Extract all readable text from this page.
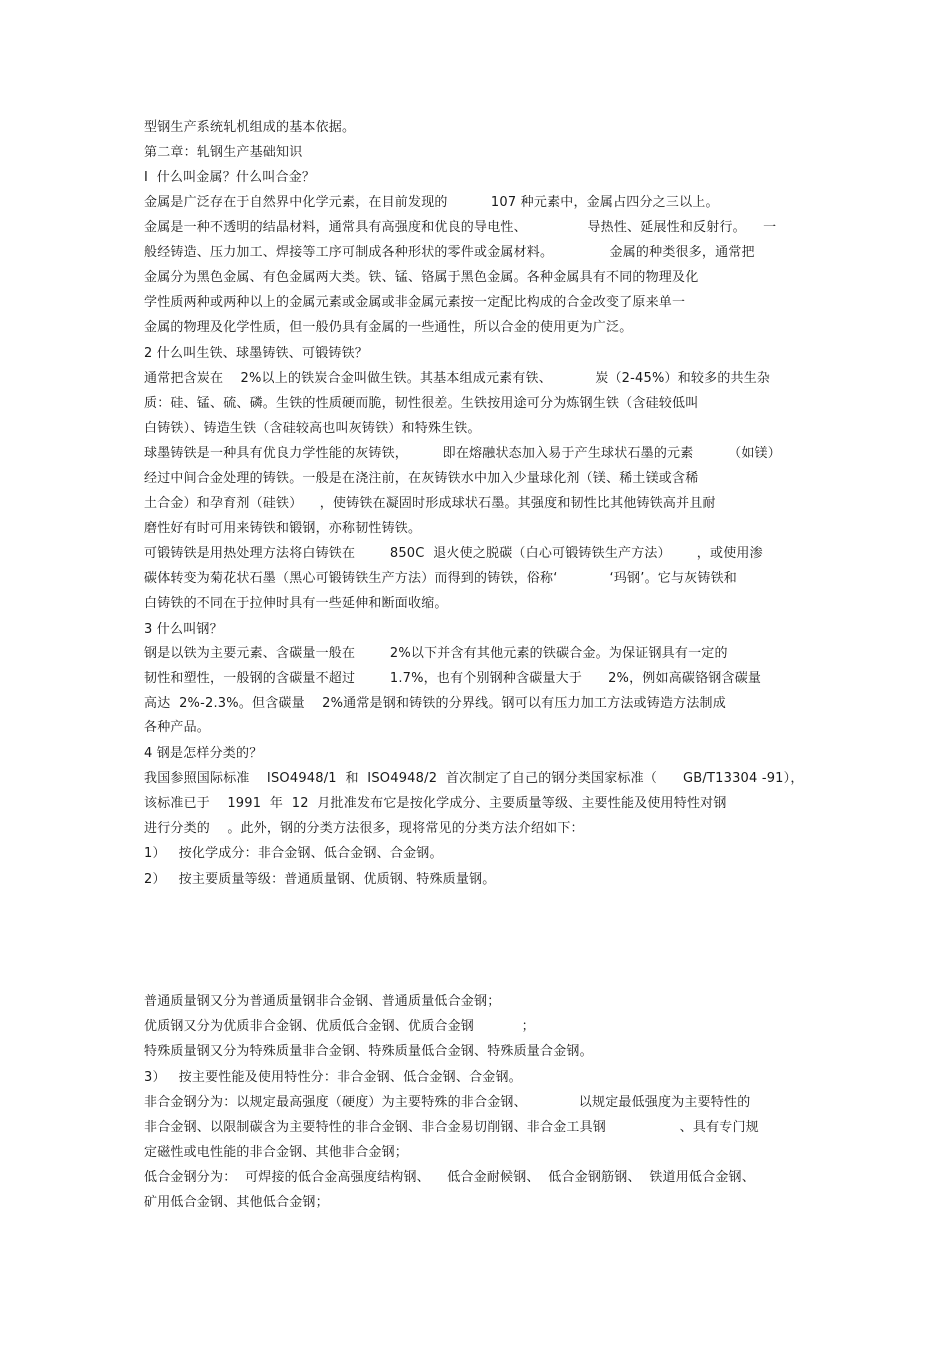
型钢生产系统轧机组成的基本依据。
第二章：轧钢生产基础知识
I  什么叫金属？什么叫合金？
金属是广泛存在于自然界中化学元素，在目前发现的          107 种元素中，金属占四分之三以上。
金属是一种不透明的结晶材料，通常具有高强度和优良的导电性、              导热性、延展性和反射行。    一
般经铸造、压力加工、焊接等工序可制成各种形状的零件或金属材料。             金属的种类很多，通常把
金属分为黑色金属、有色金属两大类。铁、锰、铬属于黑色金属。各种金属具有不同的物理及化
学性质两种或两种以上的金属元素或金属或非金属元素按一定配比构成的合金改变了原来单一
金属的物理及化学性质，但一般仍具有金属的一些通性，所以合金的使用更为广泛。
2 什么叫生铁、球墨铸铁、可锻铸铁？
通常把含炭在    2%以上的铁炭合金叫做生铁。其基本组成元素有铁、          炭（2-45%）和较多的共生杂
质：硅、锰、硫、磷。生铁的性质硬而脆，韧性很差。生铁按用途可分为炼钢生铁（含硅较低叫
白铸铁）、铸造生铁（含硅较高也叫灰铸铁）和特殊生铁。
球墨铸铁是一种具有优良力学性能的灰铸铁，        即在熔融状态加入易于产生球状石墨的元素        （如镁）
经过中间合金处理的铸铁。一般是在浇注前，在灰铸铁水中加入少量球化剂（镁、稀土镁或含稀
土合金）和孕育剂（硅铁）    ，使铸铁在凝固时形成球状石墨。其强度和韧性比其他铸铁高并且耐
磨性好有时可用来铸铁和锻钢，亦称韧性铸铁。
可锻铸铁是用热处理方法将白铸铁在        850C  退火使之脱碳（白心可锻铸铁生产方法）      ，或使用渗
碳体转变为菊花状石墨（黑心可锻铸铁生产方法）而得到的铸铁，俗称‘            ‘玛钢’。它与灰铸铁和
白铸铁的不同在于拉伸时具有一些延伸和断面收缩。
3 什么叫钢？
钢是以铁为主要元素、含碳量一般在        2%以下并含有其他元素的铁碳合金。为保证钢具有一定的
韧性和塑性，一般钢的含碳量不超过        1.7%，也有个别钢种含碳量大于      2%，例如高碳铬钢含碳量
高达  2%-2.3%。但含碳量    2%通常是钢和铸铁的分界线。钢可以有压力加工方法或铸造方法制成
各种产品。
4 钢是怎样分类的？
我国参照国际标准    ISO4948/1  和  ISO4948/2  首次制定了自己的钢分类国家标准（      GB/T13304 -91），
该标准已于    1991  年  12  月批准发布它是按化学成分、主要质量等级、主要性能及使用特性对钢
进行分类的    。此外，钢的分类方法很多，现将常见的分类方法介绍如下：
1）   按化学成分：非合金钢、低合金钢、合金钢。
2）   按主要质量等级：普通质量钢、优质钢、特殊质量钢。
普通质量钢又分为普通质量钢非合金钢、普通质量低合金钢；
优质钢又分为优质非合金钢、优质低合金钢、优质合金钢           ；
特殊质量钢又分为特殊质量非合金钢、特殊质量低合金钢、特殊质量合金钢。
3）   按主要性能及使用特性分：非合金钢、低合金钢、合金钢。
非合金钢分为：以规定最高强度（硬度）为主要特殊的非合金钢、            以规定最低强度为主要特性的
非合金钢、以限制碳含为主要特性的非合金钢、非合金易切削钢、非合金工具钢                 、具有专门规
定磁性或电性能的非合金钢、其他非合金钢；
低合金钢分为：  可焊接的低合金高强度结构钢、    低合金耐候钢、  低合金钢筋钢、  铁道用低合金钢、
矿用低合金钢、其他低合金钢；
